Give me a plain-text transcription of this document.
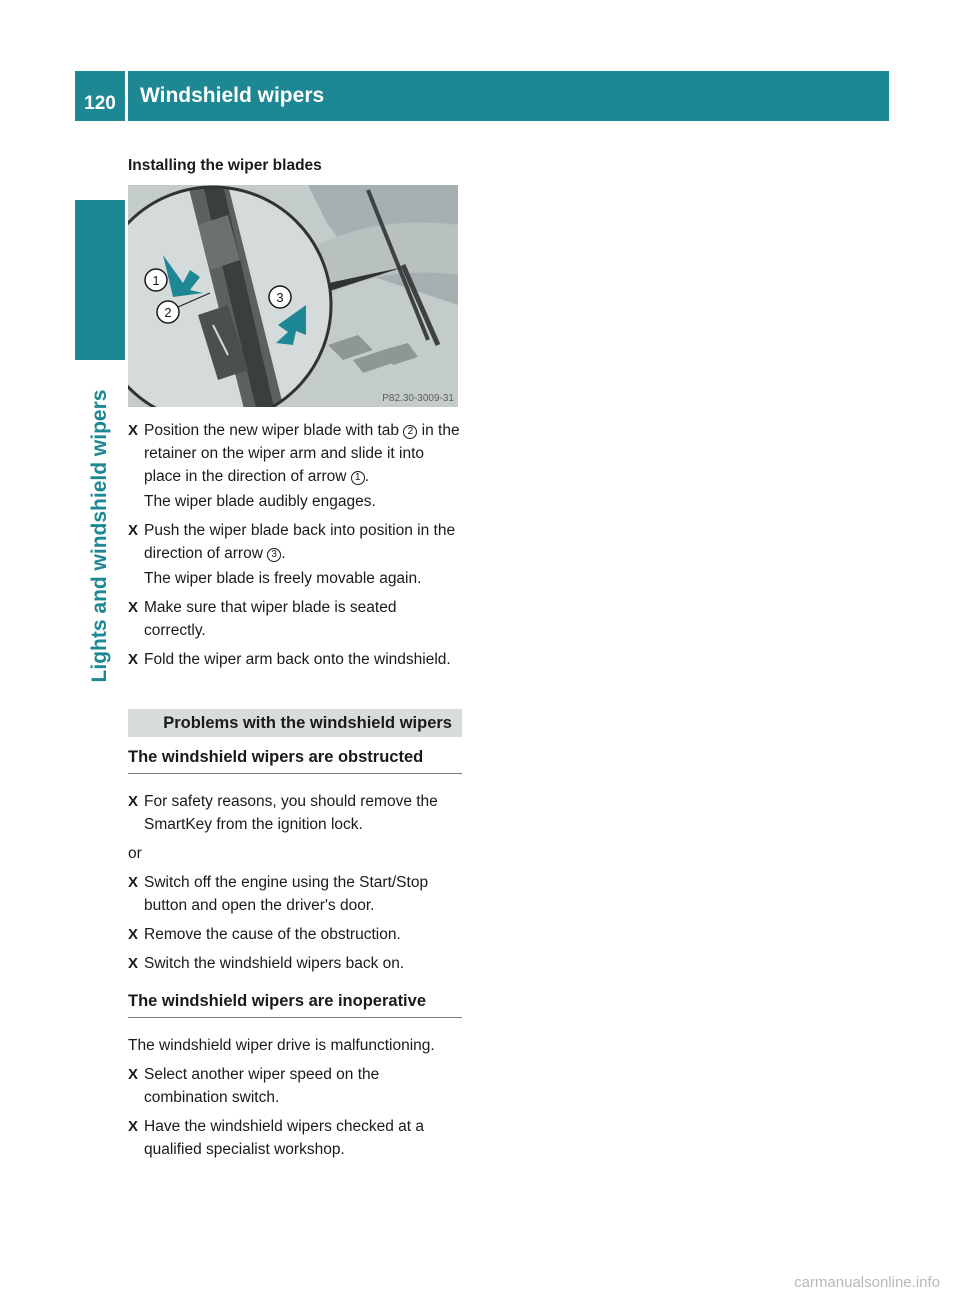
120	Windshield wipers
Lights and windshield wipers
Installing the wiper blades
1
2
3
P82.30-3009-31
X Position the new wiper blade with tab 2 in the retainer on the wiper arm and slide it into place in the direction of arrow 1 .
The wiper blade audibly engages.
X Push the wiper blade back into position in the direction of arrow 3 .
The wiper blade is freely movable again.
X Make sure that wiper blade is seated correctly.
X Fold the wiper arm back onto the windshield.
Problems with the windshield wipers
The windshield wipers are obstructed
X For safety reasons, you should remove the SmartKey from the ignition lock.
or
X Switch off the engine using the Start/Stop button and open the driver's door.
X Remove the cause of the obstruction.
X Switch the windshield wipers back on.
The windshield wipers are inoperative
The windshield wiper drive is malfunctioning.
X Select another wiper speed on the combination switch.
X Have the windshield wipers checked at a qualified specialist workshop.
carmanualsonline.info
